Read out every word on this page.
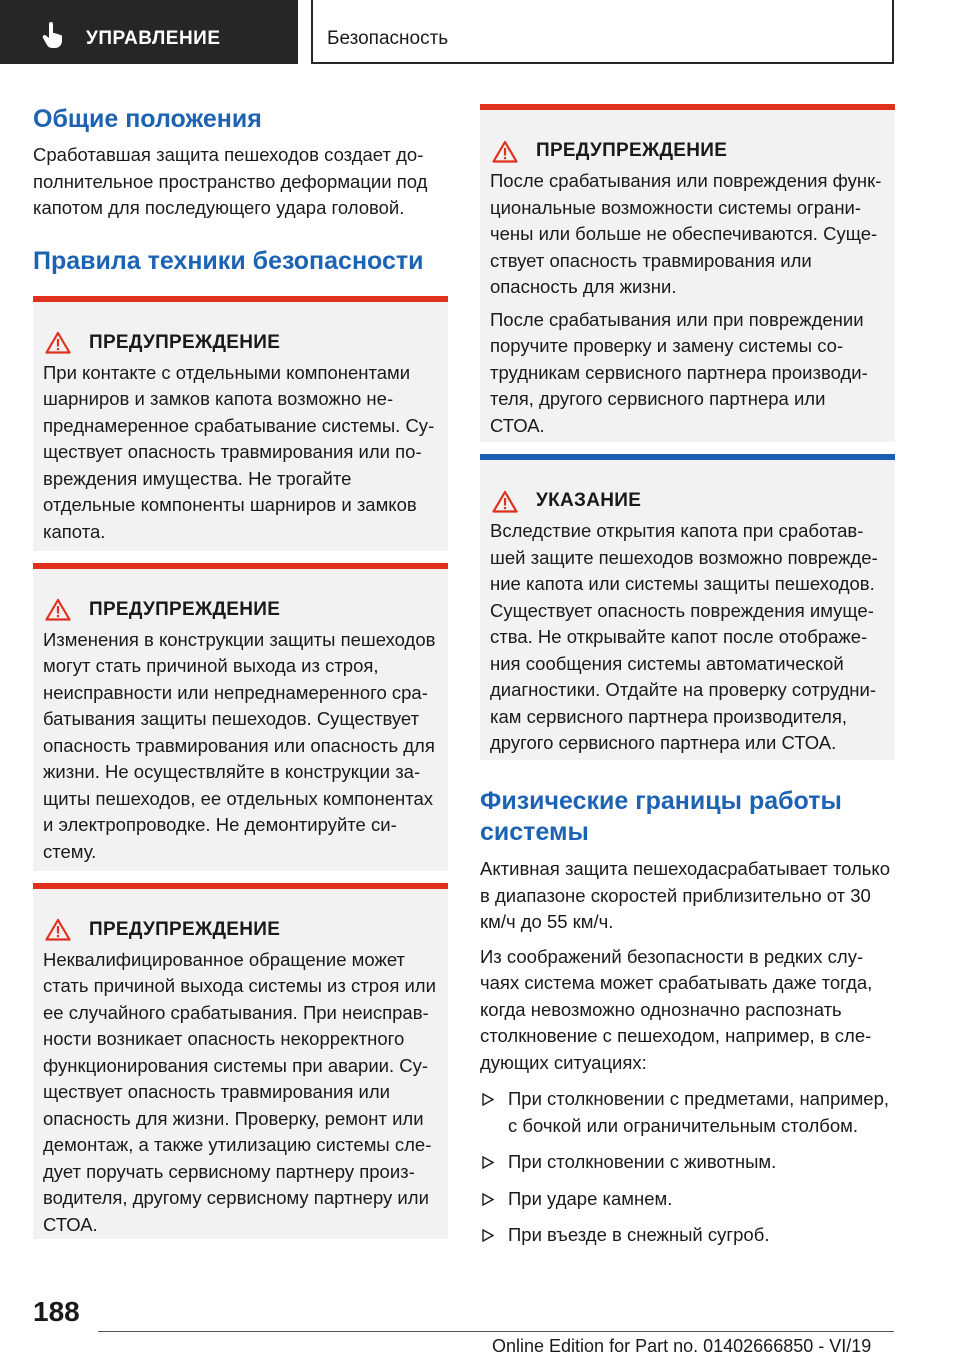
УПРАВЛЕНИЕ	Безопасность
Общие положения

Сработавшая защита пешеходов создает дополнительное пространство деформации под капотом для последующего удара головой.

Правила техники безопасности
ПРЕДУПРЕЖДЕНИЕ

При контакте с отдельными компонентами шарниров и замков капота возможно непреднамеренное срабатывание системы. Существует опасность травмирования или повреждения имущества. Не трогайте отдельные компоненты шарниров и замков капота.

ПРЕДУПРЕЖДЕНИЕ

Изменения в конструкции защиты пешеходов могут стать причиной выхода из строя, неисправности или непреднамеренного срабатывания защиты пешеходов. Существует опасность травмирования или опасность для жизни. Не осуществляйте в конструкции защиты пешеходов, ее отдельных компонентах и электропроводке. Не демонтируйте систему.

ПРЕДУПРЕЖДЕНИЕ

Неквалифицированное обращение может стать причиной выхода системы из строя или ее случайного срабатывания. При неисправности возникает опасность некорректного функционирования системы при аварии. Существует опасность травмирования или опасность для жизни. Проверку, ремонт или демонтаж, а также утилизацию системы следует поручать сервисному партнеру производителя, другому сервисному партнеру или СТОА.

ПРЕДУПРЕЖДЕНИЕ

После срабатывания или повреждения функциональные возможности системы ограничены или больше не обеспечиваются. Существует опасность травмирования или опасность для жизни.

После срабатывания или при повреждении поручите проверку и замену системы сотрудникам сервисного партнера производителя, другого сервисного партнера или СТОА.

УКАЗАНИЕ

Вследствие открытия капота при сработавшей защите пешеходов возможно повреждение капота или системы защиты пешеходов. Существует опасность повреждения имущества. Не открывайте капот после отображения сообщения системы автоматической диагностики. Отдайте на проверку сотрудникам сервисного партнера производителя, другого сервисного партнера или СТОА.

Физические границы работы системы

Активная защита пешеходасрабатывает только в диапазоне скоростей приблизительно от 30 км/ч до 55 км/ч.

Из соображений безопасности в редких случаях система может срабатывать даже тогда, когда невозможно однозначно распознать столкновение с пешеходом, например, в следующих ситуациях:

При столкновении с предметами, например, с бочкой или ограничительным столбом.
При столкновении с животным.
При ударе камнем.
При въезде в снежный сугроб.
188
Online Edition for Part no. 01402666850 - VI/19
